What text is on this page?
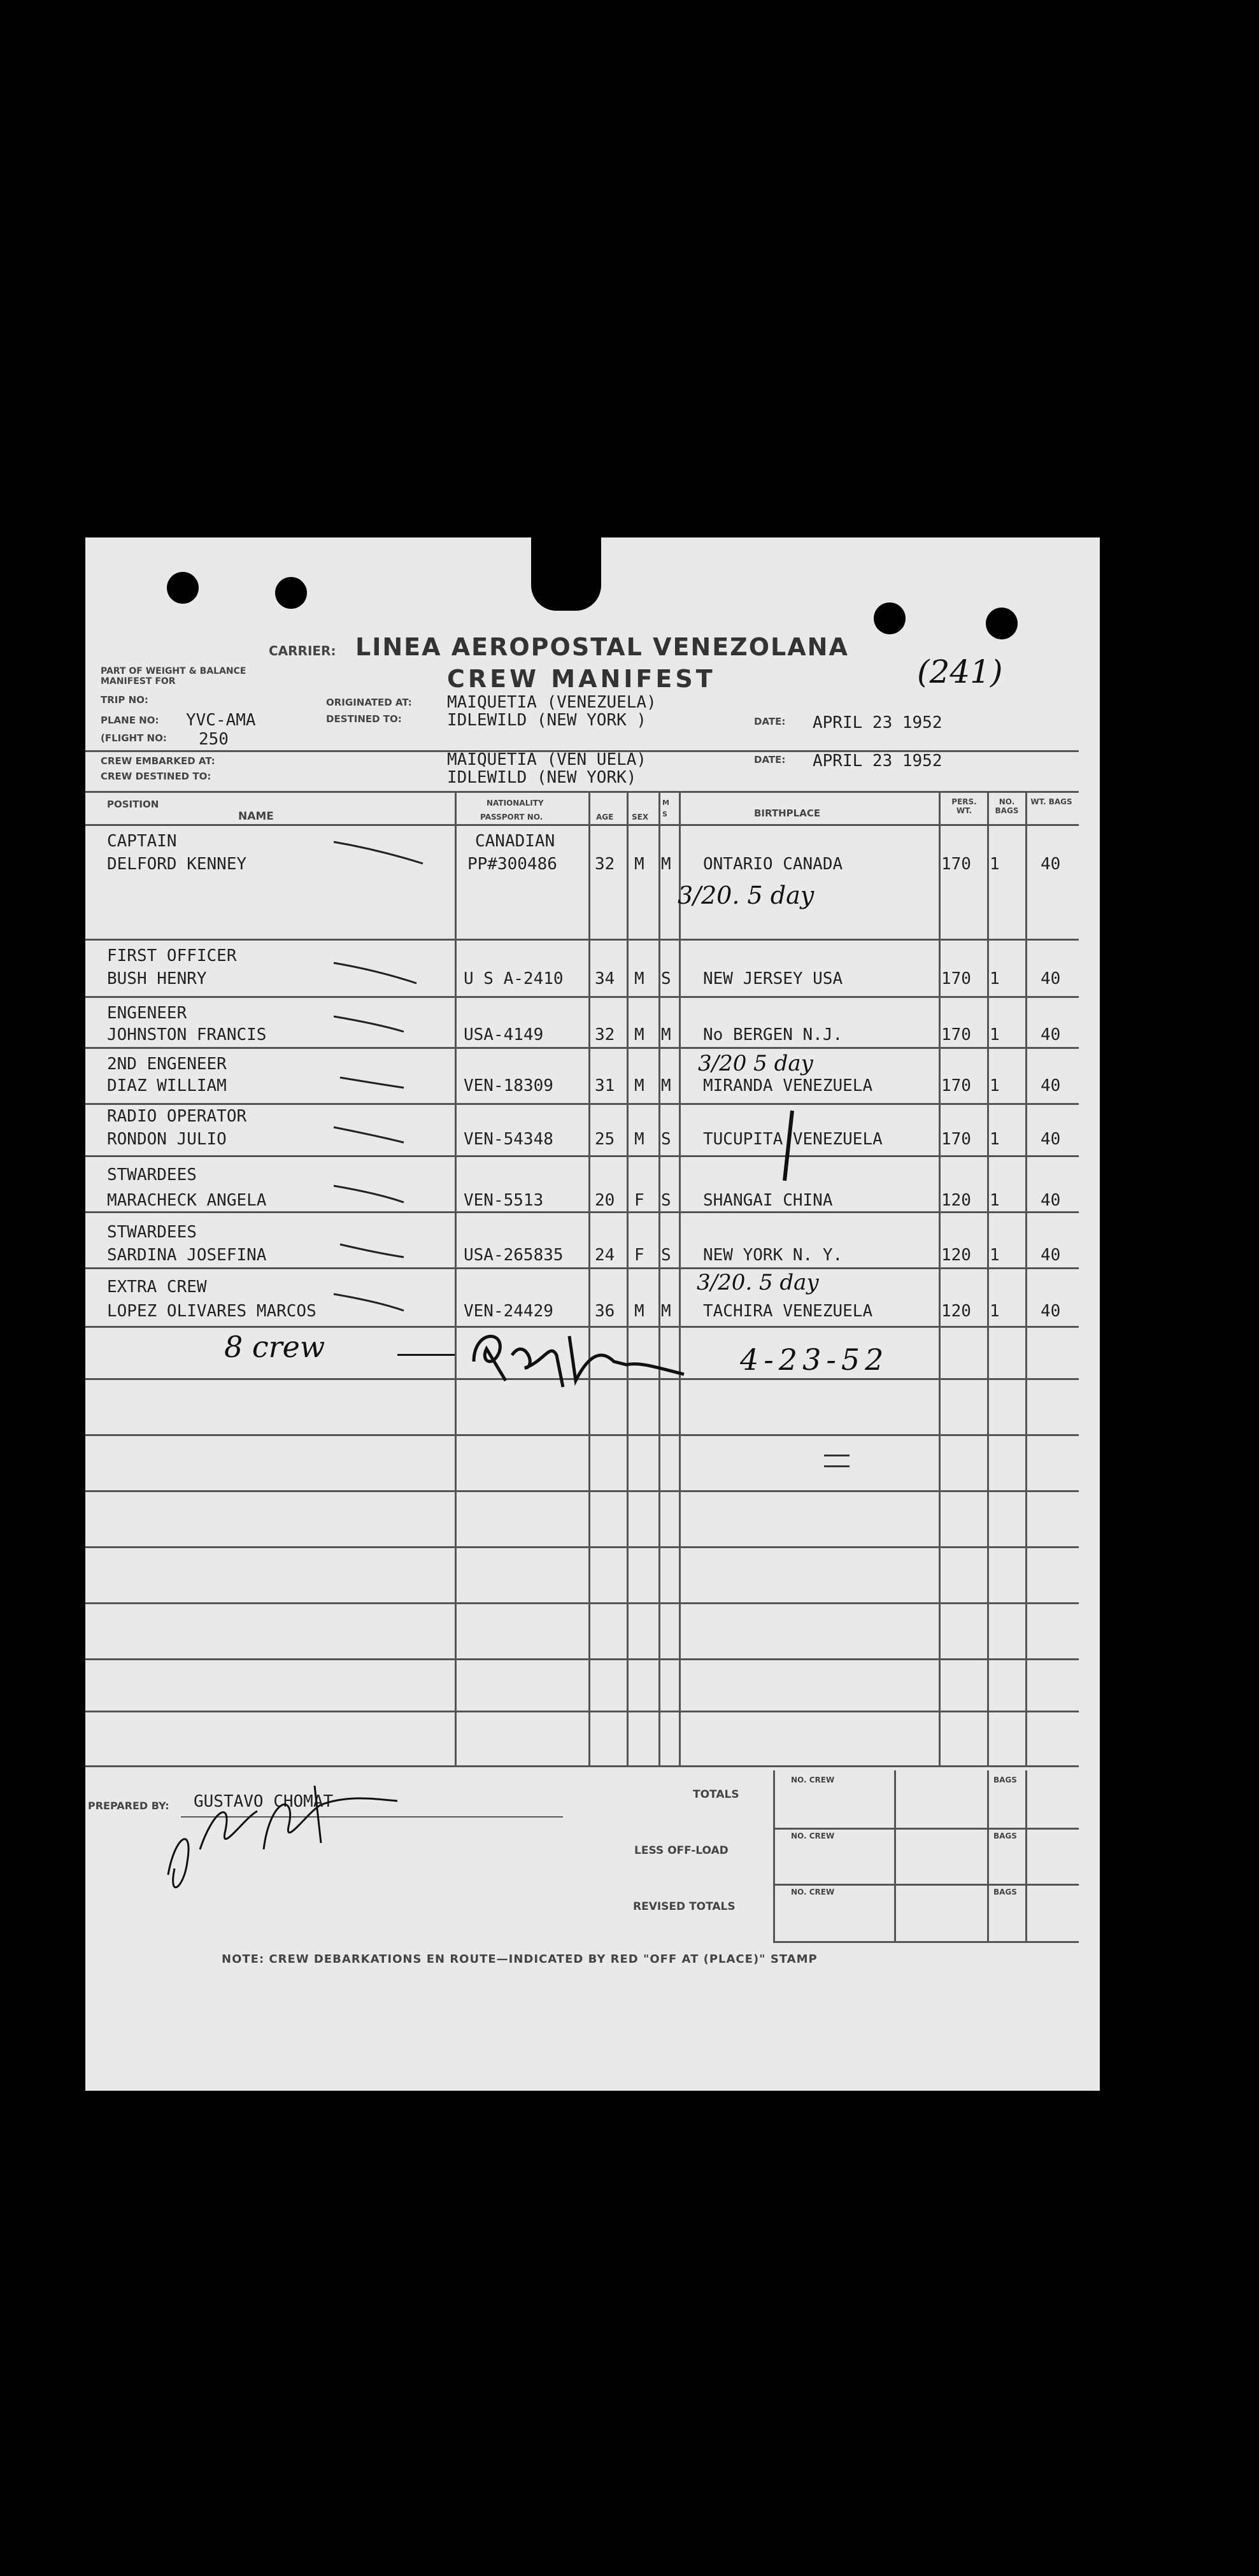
(241)
CARRIER: LINEA AEROPOSTAL VENEZOLANA
CREW MANIFEST
PART OF WEIGHT & BALANCE MANIFEST FOR
TRIP NO:
PLANE NO: YVC-AMA
(FLIGHT NO: 250
ORIGINATED AT: MAIQUETIA (VENEZUELA)
DESTINED TO:	IDLEWILD (NEW YORK )	DATE: APRIL 23 1952
CREW EMBARKED AT:	MAIQUETIA (VEN UELA)
CREW DESTINED TO:	IDLEWILD (NEW YORK)
DATE: APRIL 23 1952
POSITION
NAME
NATIONALITY
PASSPORT NO.	AGE SEX
M S	BIRTHPLACE
PERS. WT.
NO. BAGS
WT. BAGS
CAPTAIN
DELFORD KENNEY
CANADIAN
PP#300486 32 M M ONTARIO CANADA	170 1 40
3/20. 5 day
FIRST OFFICER
BUSH HENRY	U S A-2410 34 M S NEW JERSEY USA	170 1 40
ENGENEER
JOHNSTON FRANCIS	USA-4149	32 M M No BERGEN N.J.	170 1 40
2ND ENGENEER
DIAZ WILLIAM	VEN-18309	31 M M MIRANDA VENEZUELA	170 1 40
3/20 5 day
RADIO OPERATOR
RONDON JULIO	VEN-54348	25 M S TUCUPITA VENEZUELA	170 1 40
STWARDEES
MARACHECK ANGELA	VEN-5513	20 F S SHANGAI CHINA	120 1 40
STWARDEES
SARDINA JOSEFINA	USA-265835 24 F S NEW YORK N. Y.	120 1 40
EXTRA CREW
LOPEZ OLIVARES MARCOS	VEN-24429	36 M M TACHIRA VENEZUELA	120 1 40
3/20. 5 day
8 crew	4-23-52
PREPARED BY: GUSTAVO CHOMAT	TOTALS
LESS OFF-LOAD
REVISED TOTALS
NO. CREW
NO. CREW
NO. CREW
BAGS
BAGS
BAGS
NOTE: CREW DEBARKATIONS EN ROUTE—INDICATED BY RED "OFF AT (PLACE)" STAMP
